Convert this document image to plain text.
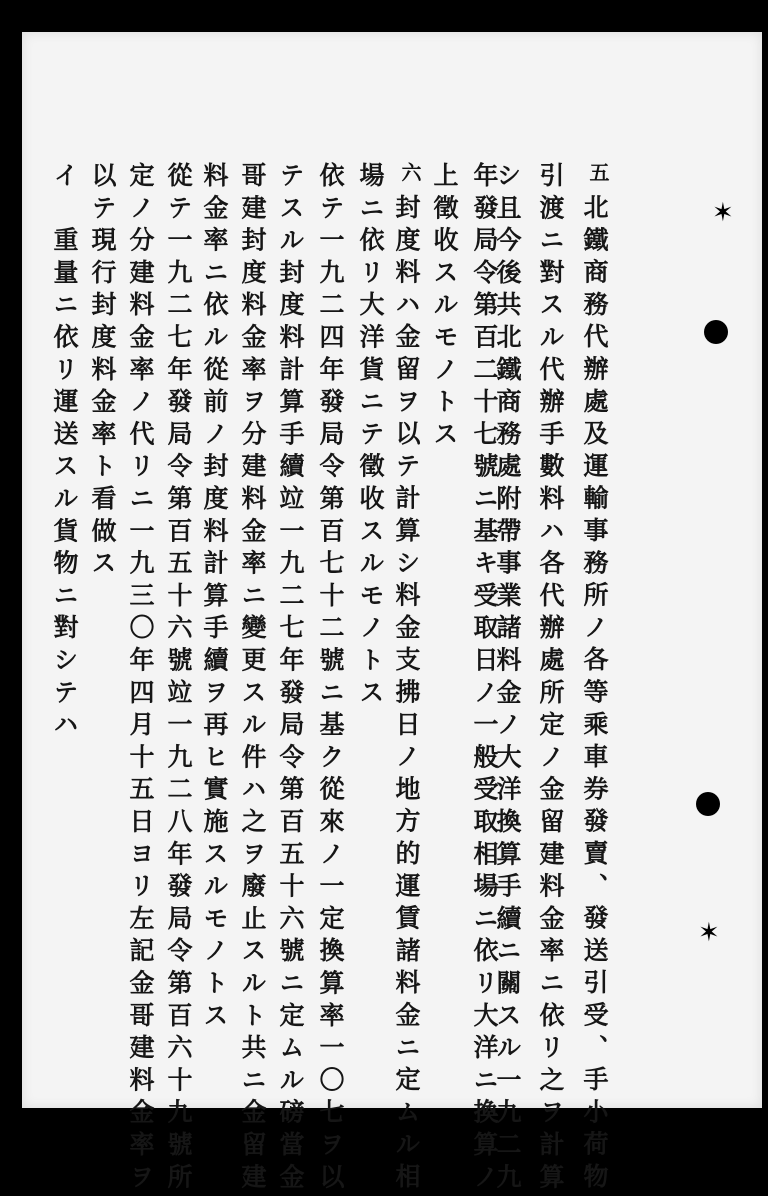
五
北鐵商務代辦處及運輸事務所ノ各等乘車券發賣、發送引受、手小荷物
引渡ニ對スル代辦手數料ハ各代辦處所定ノ金留建料金率ニ依リ之ヲ計算
シ且今後共北鐵商務處附帶事業諸料金ノ大洋換算手續ニ關スル一九二九
年發局令第百二十七號ニ基キ受取日ノ一般受取相場ニ依リ大洋ニ換算ノ
上徵收スルモノトス
六
封度料ハ金留ヲ以テ計算シ料金支拂日ノ地方的運賃諸料金ニ定ムル相
場ニ依リ大洋貨ニテ徵收スルモノトス
依テ一九二四年發局令第百七十二號ニ基ク從來ノ一定換算率一〇七ヲ以
テスル封度料計算手續竝一九二七年發局令第百五十六號ニ定ムル磅當金
哥建封度料金率ヲ分建料金率ニ變更スル件ハ之ヲ廢止スルト共ニ金留建
料金率ニ依ル從前ノ封度料計算手續ヲ再ヒ實施スルモノトス
從テ一九二七年發局令第百五十六號竝一九二八年發局令第百六十九號所
定ノ分建料金率ノ代リニ一九三〇年四月十五日ヨリ左記金哥建料金率ヲ
以テ現行封度料金率ト看做ス
イ　重量ニ依リ運送スル貨物ニ對シテハ	✶
✶
